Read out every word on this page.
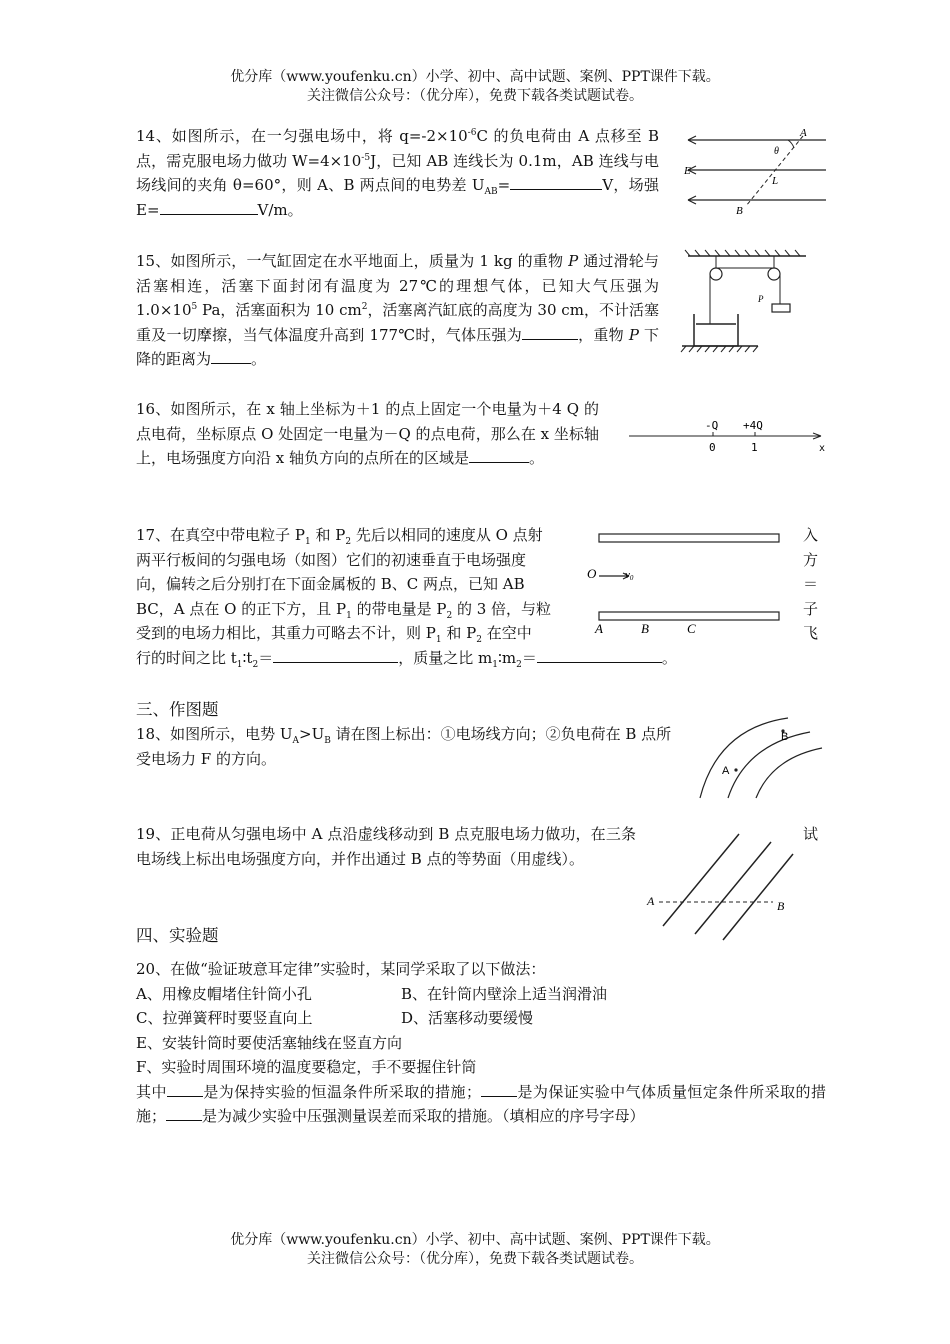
优分库（www.youfenku.cn）小学、初中、高中试题、案例、PPT课件下载。
关注微信公众号：（优分库），免费下载各类试题试卷。
14、如图所示，在一匀强电场中，将 $q=-2\times 10^{-6}C$ 的负电荷由 A 点移至 B 点，需克服电场力做功 $W=4\times 10^{-5}J$，已知 AB 连线长为 0.1m，AB 连线与电场线间的夹角 θ=60°，则 A、B 两点间的电势差 $U_{AB}=$	V，场强 E=	V/m。
A
θ
E
L
B
15、如图所示，一气缸固定在水平地面上，质量为 1 kg 的重物 P 通过滑轮与活塞相连，活塞下面封闭有温度为 27℃的理想气体，已知大气压强为 $1.0\times 10^5$ Pa，活塞面积为 10 $cm^2$，活塞离汽缸底的高度为 30 cm，不计活塞重及一切摩擦，当气体温度升高到 177℃时，气体压强为	，重物 P 下降的距离为	。
P
16、如图所示，在 x 轴上坐标为＋1 的点上固定一个电量为＋4 Q 的点电荷，坐标原点 O 处固定一电量为－Q 的点电荷，那么在 x 坐标轴上，电场强度方向沿 x 轴负方向的点所在的区域是	。
-Q +4Q
0	1	x
17、在真空中带电粒子 $P_1$ 和 $P_2$ 先后以相同的速度从 O 点射
两平行板间的匀强电场（如图）它们的初速垂直于电场强度
向，偏转之后分别打在下面金属板的 B、C 两点，已知 AB
BC，A 点在 O 的正下方，且 $P_1$ 的带电量是 $P_2$ 的 3 倍，与粒
受到的电场力相比，其重力可略去不计，则 $P_1$ 和 $P_2$ 在空中
行的时间之比 $t_1∶t_2=$	，质量之比 $m_1∶m_2=$	。
入
方
＝
子
飞
O	v0
A	B	C
三、作图题
18、如图所示，电势 $U_A>U_B$ 请在图上标出：①电场线方向；②负电荷在 B 点所受电场力 F 的方向。
A
B
19、正电荷从匀强电场中 A 点沿虚线移动到 B 点克服电场力做功，在三条电场线上标出电场强度方向，并作出通过 B 点的等势面（用虚线）。
试
A	B
四、实验题
20、在做“验证玻意耳定律”实验时，某同学采取了以下做法：
A、用橡皮帽堵住针筒小孔	B、在针筒内壁涂上适当润滑油
C、拉弹簧秤时要竖直向上	D、活塞移动要缓慢
E、安装针筒时要使活塞轴线在竖直方向
F、实验时周围环境的温度要稳定，手不要握住针筒
其中 是为保持实验的恒温条件所采取的措施； 是为保证实验中气体质量恒定条件所采取的措施； 是为减少实验中压强测量误差而采取的措施。（填相应的序号字母）
优分库（www.youfenku.cn）小学、初中、高中试题、案例、PPT课件下载。
关注微信公众号：（优分库），免费下载各类试题试卷。
